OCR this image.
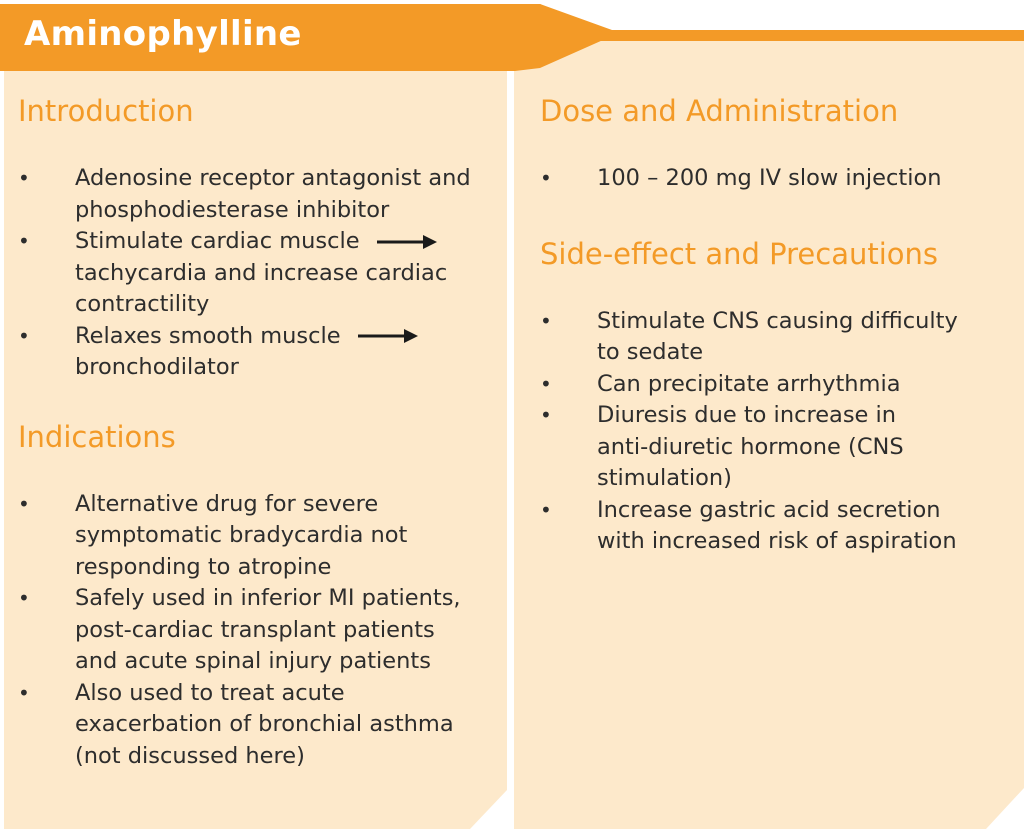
Aminophylline
Introduction
•	Adenosine receptor antagonist and
phosphodiesterase inhibitor
•	Stimulate cardiac muscle
tachycardia and increase cardiac
contractility
•	Relaxes smooth muscle
bronchodilator
Indications
•	Alternative drug for severe
symptomatic bradycardia not
responding to atropine
•	Safely used in inferior MI patients,
post-cardiac transplant patients
and acute spinal injury patients
•	Also used to treat acute
exacerbation of bronchial asthma
(not discussed here)
Dose and Administration
•	100 – 200 mg IV slow injection
Side-effect and Precautions
•	Stimulate CNS causing difficulty
to sedate
•	Can precipitate arrhythmia
•	Diuresis due to increase in
anti-diuretic hormone (CNS
stimulation)
•	Increase gastric acid secretion
with increased risk of aspiration
